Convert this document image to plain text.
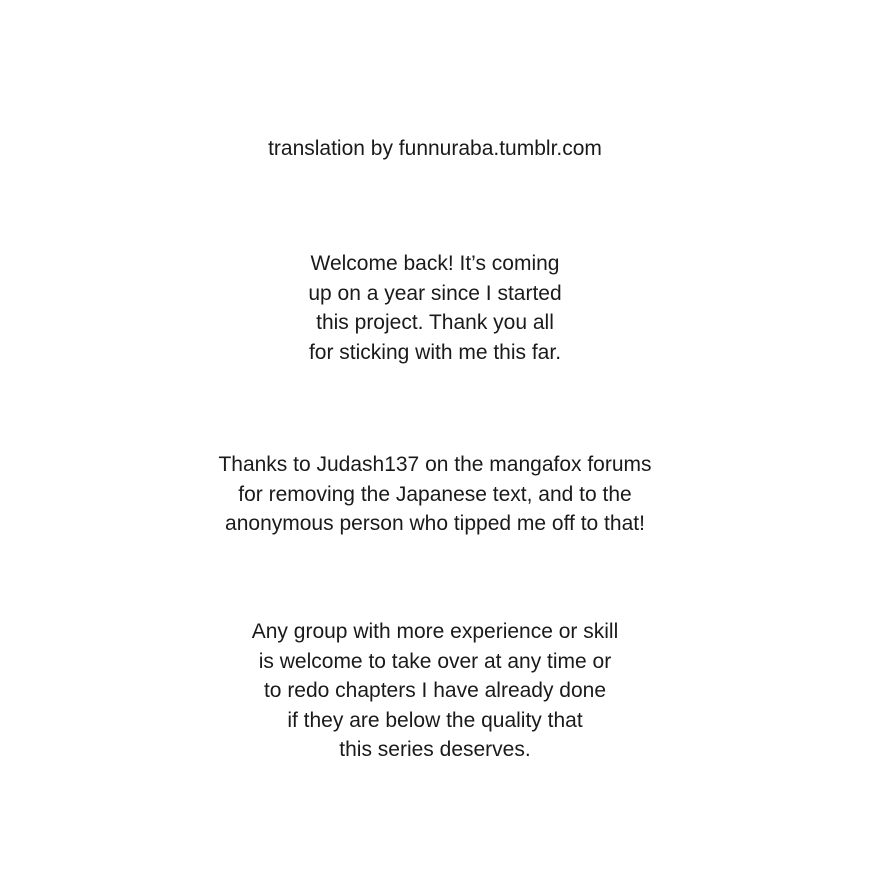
translation by funnuraba.tumblr.com
Welcome back! It’s coming
up on a year since I started
this project. Thank you all
for sticking with me this far.
Thanks to Judash137 on the mangafox forums
for removing the Japanese text, and to the
anonymous person who tipped me off to that!
Any group with more experience or skill
is welcome to take over at any time or
to redo chapters I have already done
if they are below the quality that
this series deserves.
